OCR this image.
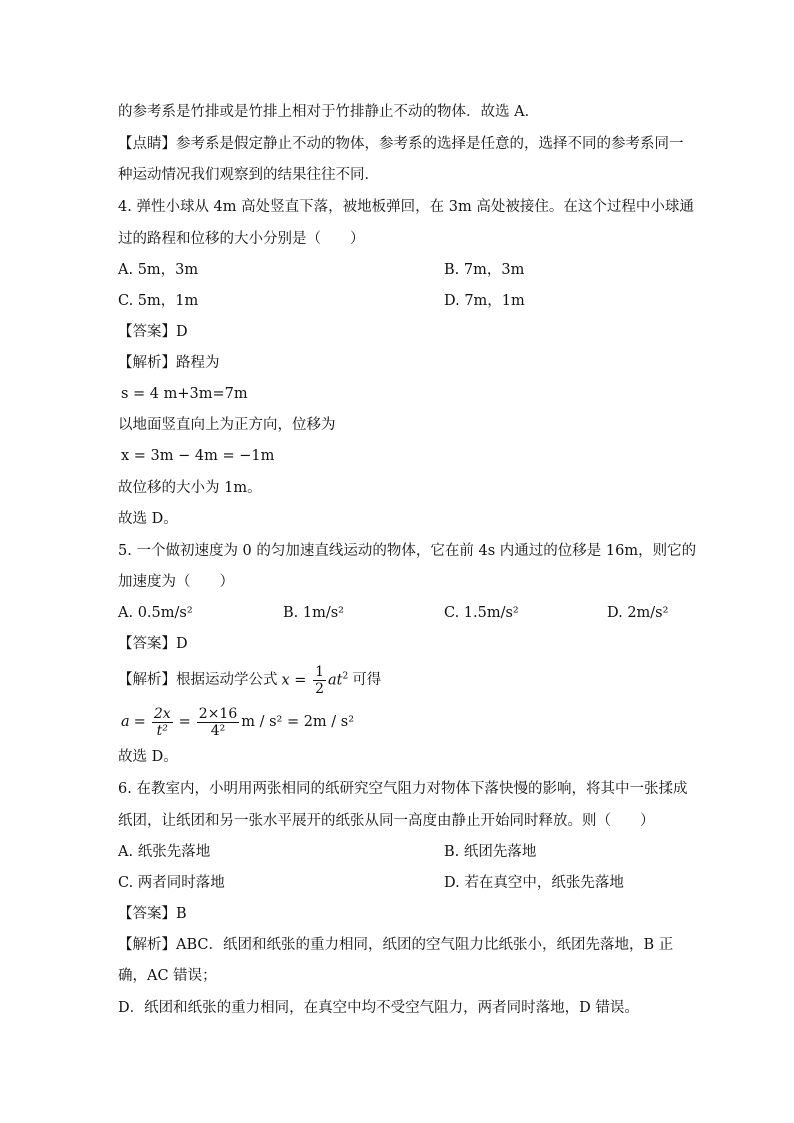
的参考系是竹排或是竹排上相对于竹排静止不动的物体．故选 A．
【点睛】参考系是假定静止不动的物体，参考系的选择是任意的，选择不同的参考系同一
种运动情况我们观察到的结果往往不同．
4. 弹性小球从 4m 高处竖直下落，被地板弹回，在 3m 高处被接住。在这个过程中小球通
过的路程和位移的大小分别是（　　）
A. 5m，3m	B. 7m，3m
C. 5m，1m	D. 7m，1m
【答案】D
【解析】路程为
s = 4 m+3m=7m
以地面竖直向上为正方向，位移为
x = 3m − 4m = −1m
故位移的大小为 1m。
故选 D。
5. 一个做初速度为 0 的匀加速直线运动的物体，它在前 4s 内通过的位移是 16m，则它的
加速度为（　　）
A. 0.5m/s²	B. 1m/s²	C. 1.5m/s²	D. 2m/s²
【答案】D
【解析】根据运动学公式 $x = \frac{1}{2} at^2$ 可得
$a = \frac{2x}{\text{t²}} = \frac{2\times 16}{\text{4²}}$ m / s² = 2m / s²
故选 D。
6. 在教室内，小明用两张相同的纸研究空气阻力对物体下落快慢的影响，将其中一张揉成
纸团，让纸团和另一张水平展开的纸张从同一高度由静止开始同时释放。则（　　）
A. 纸张先落地	B. 纸团先落地
C. 两者同时落地	D. 若在真空中，纸张先落地
【答案】B
【解析】ABC．纸团和纸张的重力相同，纸团的空气阻力比纸张小，纸团先落地，B 正
确，AC 错误；
D．纸团和纸张的重力相同，在真空中均不受空气阻力，两者同时落地，D 错误。
